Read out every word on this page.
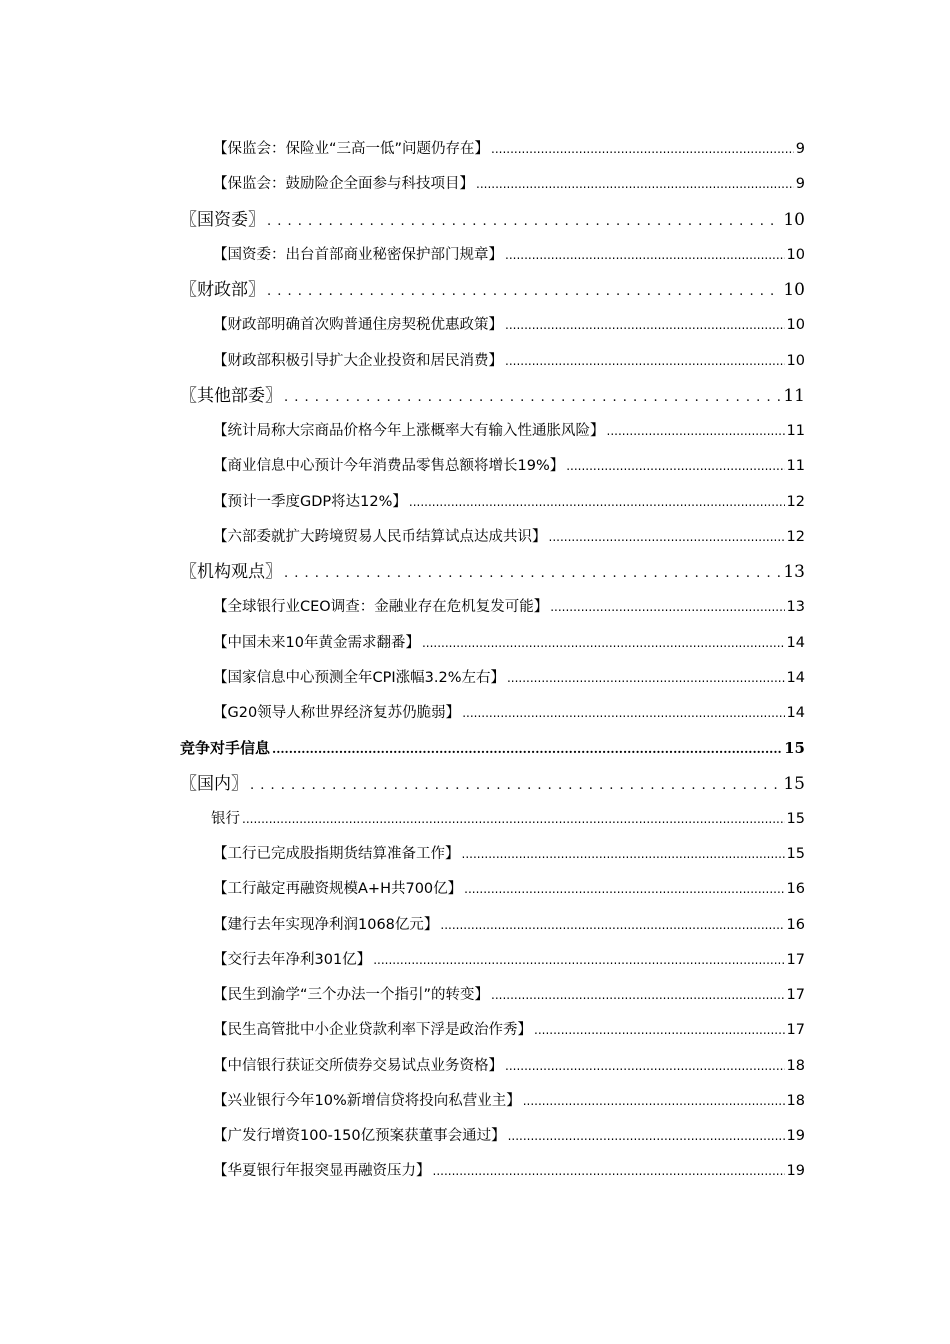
【保监会：保险业“三高一低”问题仍存在】 .....	9
【保监会：鼓励险企全面参与科技项目】 .....	9
〖国资委〗 . . .	10
【国资委：出台首部商业秘密保护部门规章】 .....	10
〖财政部〗 . . .	10
【财政部明确首次购普通住房契税优惠政策】 .....	10
【财政部积极引导扩大企业投资和居民消费】 .....	10
〖其他部委〗 . . .	11
【统计局称大宗商品价格今年上涨概率大有输入性通胀风险】 .....	11
【商业信息中心预计今年消费品零售总额将增长19%】 .....	11
【预计一季度GDP将达12%】 .....	12
【六部委就扩大跨境贸易人民币结算试点达成共识】 .....	12
〖机构观点〗 . . .	13
【全球银行业CEO调查：金融业存在危机复发可能】 .....	13
【中国未来10年黄金需求翻番】 .....	14
【国家信息中心预测全年CPI涨幅3.2%左右】 .....	14
【G20领导人称世界经济复苏仍脆弱】 .....	14
竞争对手信息 .....	15
〖国内〗 . . .	15
银行 .....	15
【工行已完成股指期货结算准备工作】 .....	15
【工行敲定再融资规模A+H共700亿】 .....	16
【建行去年实现净利润1068亿元】 .....	16
【交行去年净利301亿】 .....	17
【民生到渝学“三个办法一个指引”的转变】 .....	17
【民生高管批中小企业贷款利率下浮是政治作秀】 .....	17
【中信银行获证交所债券交易试点业务资格】 .....	18
【兴业银行今年10%新增信贷将投向私营业主】 .....	18
【广发行增资100-150亿预案获董事会通过】 .....	19
【华夏银行年报突显再融资压力】 .....	19
